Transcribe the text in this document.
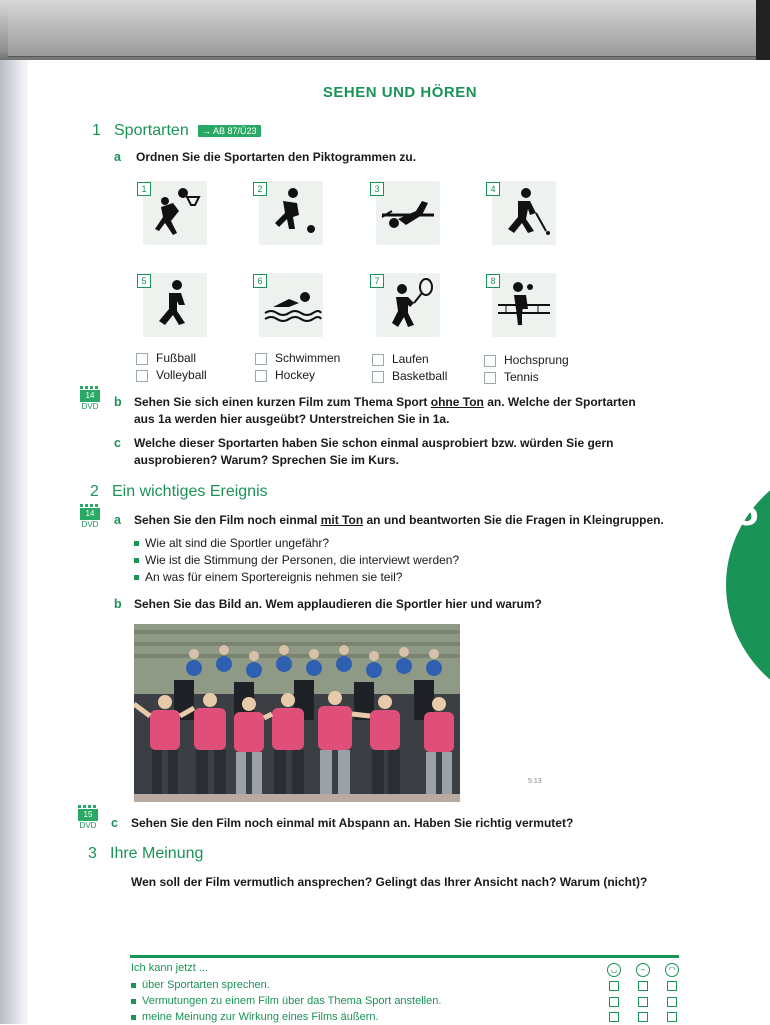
5
SEHEN UND HÖREN
1 Sportarten	→ AB 87/Ü23
a Ordnen Sie die Sportarten den Piktogrammen zu.
1	2	3	4
5	6	7	8
Fußball
Volleyball
Schwimmen
Hockey
Laufen
Basketball
Hochsprung
Tennis
14
DVD b Sehen Sie sich einen kurzen Film zum Thema Sport ohne Ton an. Welche der Sportarten
aus 1a werden hier ausgeübt? Unterstreichen Sie in 1a.
c Welche dieser Sportarten haben Sie schon einmal ausprobiert bzw. würden Sie gern
ausprobieren? Warum? Sprechen Sie im Kurs.
2 Ein wichtiges Ereignis
14
DVD a Sehen Sie den Film noch einmal mit Ton an und beantworten Sie die Fragen in Kleingruppen.
Wie alt sind die Sportler ungefähr?
Wie ist die Stimmung der Personen, die interviewt werden?
An was für einem Sportereignis nehmen sie teil?
b Sehen Sie das Bild an. Wem applaudieren die Sportler hier und warum?
5.13
15
DVD c Sehen Sie den Film noch einmal mit Abspann an. Haben Sie richtig vermutet?
3 Ihre Meinung
Wen soll der Film vermutlich ansprechen? Gelingt das Ihrer Ansicht nach? Warum (nicht)?
Ich kann jetzt ...
über Sportarten sprechen.
Vermutungen zu einem Film über das Thema Sport anstellen.
meine Meinung zur Wirkung eines Films äußern.
◡	–	◠
